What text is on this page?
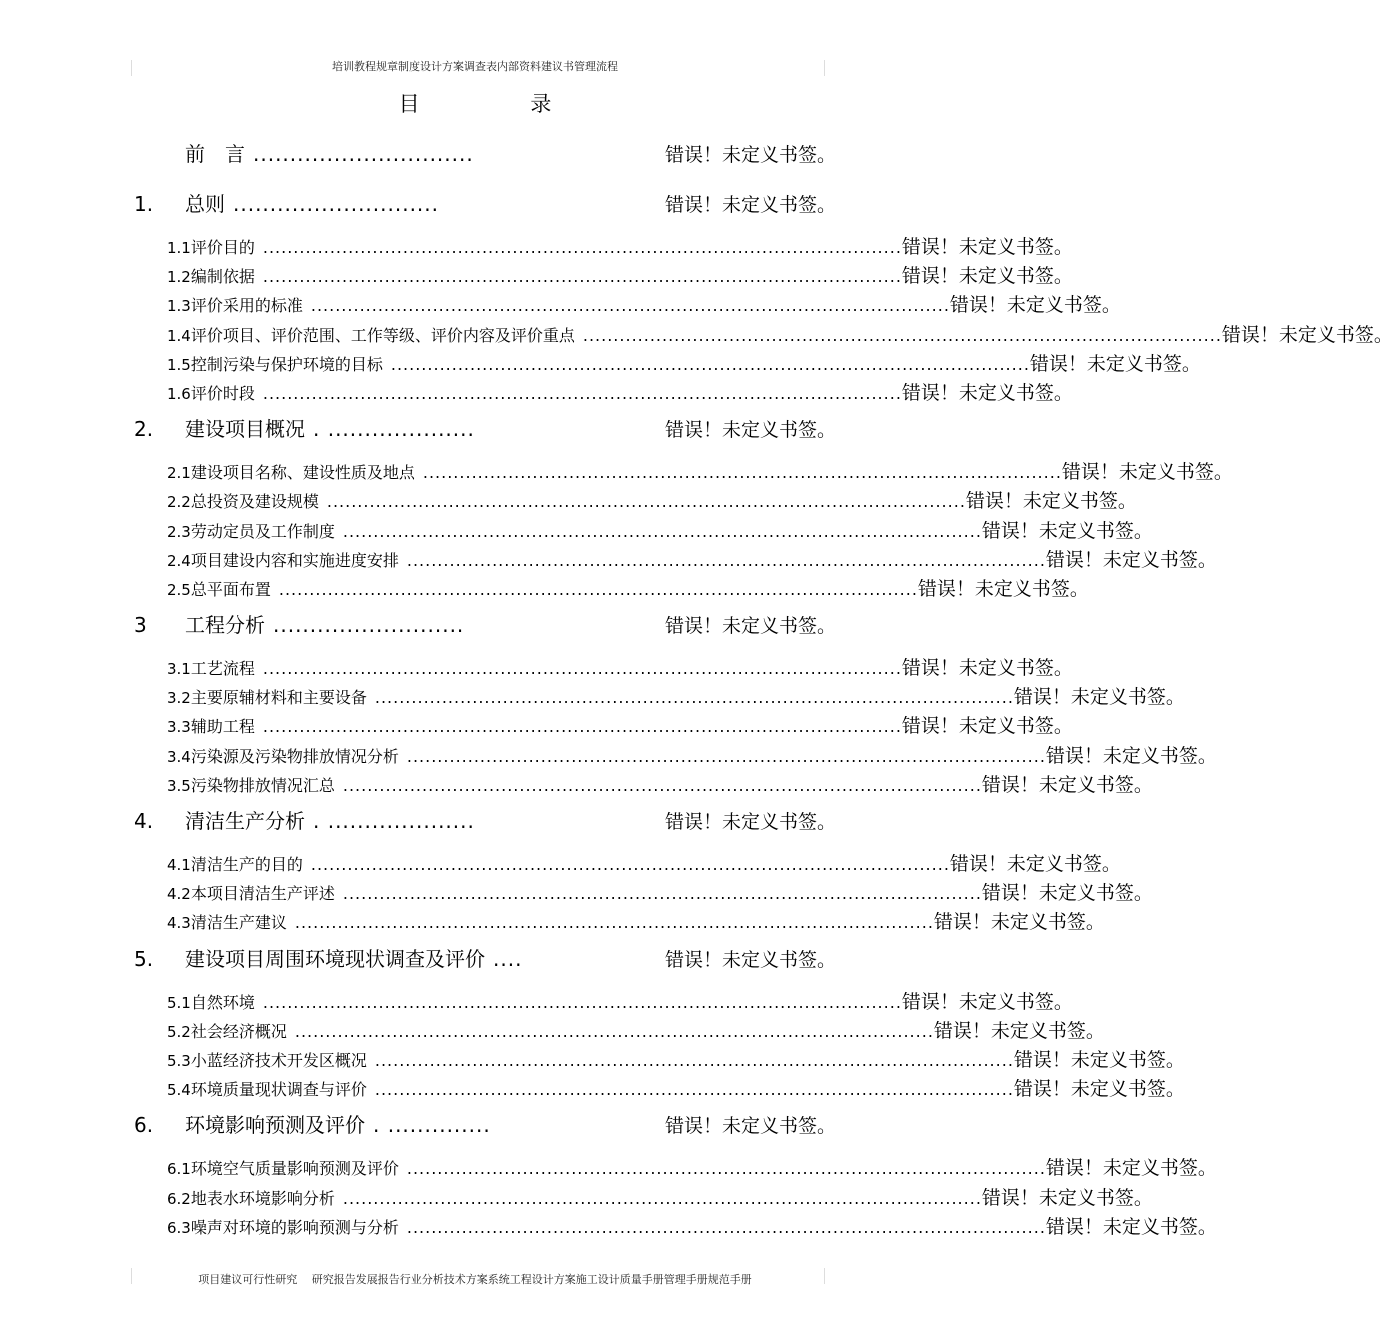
培训教程规章制度设计方案调查表内部资料建议书管理流程
目 录
前　言 ..............................	错误！未定义书签。
1.	总则 ............................	错误！未定义书签。
1.1 评价目的 ......................................................................................................... 错误！未定义书签。
1.2 编制依据 ......................................................................................................... 错误！未定义书签。
1.3 评价采用的标准 ......................................................................................................... 错误！未定义书签。
1.4 评价项目、评价范围、工作等级、评价内容及评价重点 ......................................................................................................... 错误！未定义书签。
1.5 控制污染与保护环境的目标 ......................................................................................................... 错误！未定义书签。
1.6 评价时段 ......................................................................................................... 错误！未定义书签。
2.	建设项目概况 . ....................	错误！未定义书签。
2.1 建设项目名称、建设性质及地点 ......................................................................................................... 错误！未定义书签。
2.2 总投资及建设规模 ......................................................................................................... 错误！未定义书签。
2.3 劳动定员及工作制度 ......................................................................................................... 错误！未定义书签。
2.4 项目建设内容和实施进度安排 ......................................................................................................... 错误！未定义书签。
2.5 总平面布置 ......................................................................................................... 错误！未定义书签。
3	工程分析 ..........................	错误！未定义书签。
3.1 工艺流程 ......................................................................................................... 错误！未定义书签。
3.2 主要原辅材料和主要设备 ......................................................................................................... 错误！未定义书签。
3.3 辅助工程 ......................................................................................................... 错误！未定义书签。
3.4 污染源及污染物排放情况分析 ......................................................................................................... 错误！未定义书签。
3.5 污染物排放情况汇总 ......................................................................................................... 错误！未定义书签。
4.	清洁生产分析 . ....................	错误！未定义书签。
4.1 清洁生产的目的 ......................................................................................................... 错误！未定义书签。
4.2 本项目清洁生产评述 ......................................................................................................... 错误！未定义书签。
4.3 清洁生产建议 ......................................................................................................... 错误！未定义书签。
5.	建设项目周围环境现状调查及评价 ....	错误！未定义书签。
5.1 自然环境 ......................................................................................................... 错误！未定义书签。
5.2 社会经济概况 ......................................................................................................... 错误！未定义书签。
5.3 小蓝经济技术开发区概况 ......................................................................................................... 错误！未定义书签。
5.4 环境质量现状调查与评价 ......................................................................................................... 错误！未定义书签。
6.	环境影响预测及评价 . ..............	错误！未定义书签。
6.1 环境空气质量影响预测及评价 ......................................................................................................... 错误！未定义书签。
6.2 地表水环境影响分析 ......................................................................................................... 错误！未定义书签。
6.3 噪声对环境的影响预测与分析 ......................................................................................................... 错误！未定义书签。
项目建议可行性研究　 研究报告发展报告行业分析技术方案系统工程设计方案施工设计质量手册管理手册规范手册
